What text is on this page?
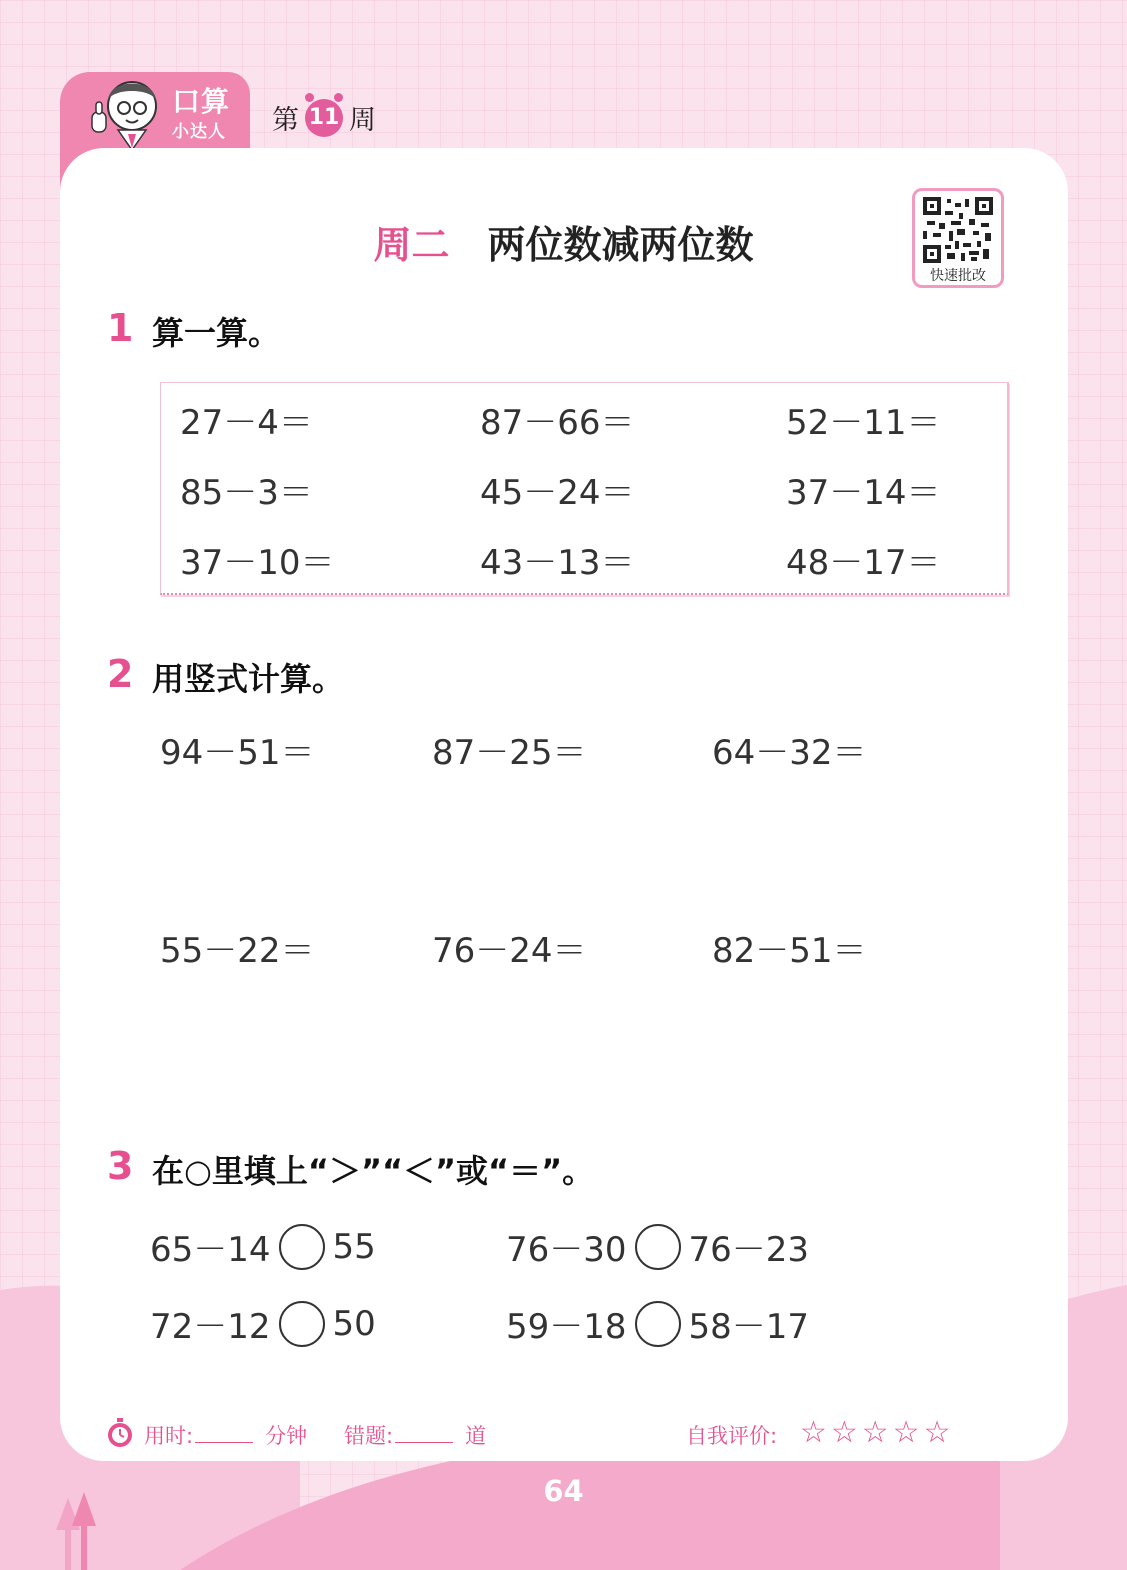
口算
小达人 第 11 周
周二 两位数减两位数
快速批改
1 算一算。
27－4＝	87－66＝	52－11＝
85－3＝	45－24＝	37－14＝
37－10＝	43－13＝	48－17＝
2 用竖式计算。
94－51＝	87－25＝	64－32＝
55－22＝	76－24＝	82－51＝
3 在○里填上“＞”“＜”或“＝”。
65－14 55	76－30 76－23
72－12 50	59－18 58－17
用时:	分钟 错题:	道	自我评价: ☆☆☆☆☆
64
